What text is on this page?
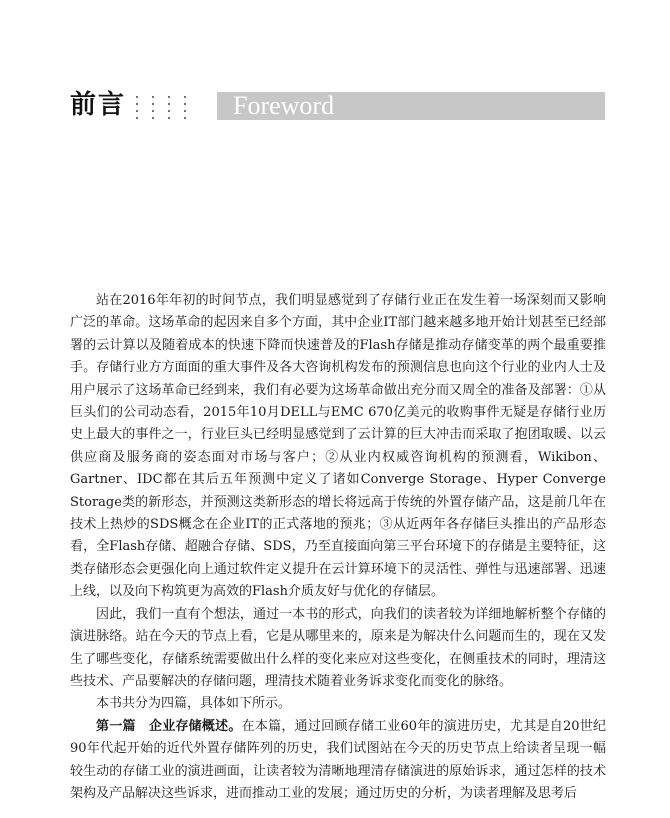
前言	Foreword

站在2016年年初的时间节点，我们明显感觉到了存储行业正在发生着一场深刻而又影响广泛的革命。这场革命的起因来自多个方面，其中企业IT部门越来越多地开始计划甚至已经部署的云计算以及随着成本的快速下降而快速普及的Flash存储是推动存储变革的两个最重要推手。存储行业方方面面的重大事件及各大咨询机构发布的预测信息也向这个行业的业内人士及用户展示了这场革命已经到来，我们有必要为这场革命做出充分而又周全的准备及部署：①从巨头们的公司动态看，2015年10月DELL与EMC 670亿美元的收购事件无疑是存储行业历史上最大的事件之一，行业巨头已经明显感觉到了云计算的巨大冲击而采取了抱团取暖、以云供应商及服务商的姿态面对市场与客户；②从业内权威咨询机构的预测看，Wikibon、Gartner、IDC都在其后五年预测中定义了诸如Converge Storage、Hyper Converge Storage类的新形态，并预测这类新形态的增长将远高于传统的外置存储产品，这是前几年在技术上热炒的SDS概念在企业IT的正式落地的预兆；③从近两年各存储巨头推出的产品形态看，全Flash存储、超融合存储、SDS，乃至直接面向第三平台环境下的存储是主要特征，这类存储形态会更强化向上通过软件定义提升在云计算环境下的灵活性、弹性与迅速部署、迅速上线，以及向下构筑更为高效的Flash介质友好与优化的存储层。

因此，我们一直有个想法，通过一本书的形式，向我们的读者较为详细地解析整个存储的演进脉络。站在今天的节点上看，它是从哪里来的，原来是为解决什么问题而生的，现在又发生了哪些变化，存储系统需要做出什么样的变化来应对这些变化，在侧重技术的同时，理清这些技术、产品要解决的存储问题，理清技术随着业务诉求变化而变化的脉络。

本书共分为四篇，具体如下所示。

第一篇　企业存储概述。在本篇，通过回顾存储工业60年的演进历史，尤其是自20世纪90年代起开始的近代外置存储阵列的历史，我们试图站在今天的历史节点上给读者呈现一幅较生动的存储工业的演进画面，让读者较为清晰地理清存储演进的原始诉求，通过怎样的技术架构及产品解决这些诉求，进而推动工业的发展；通过历史的分析，为读者理解及思考后
